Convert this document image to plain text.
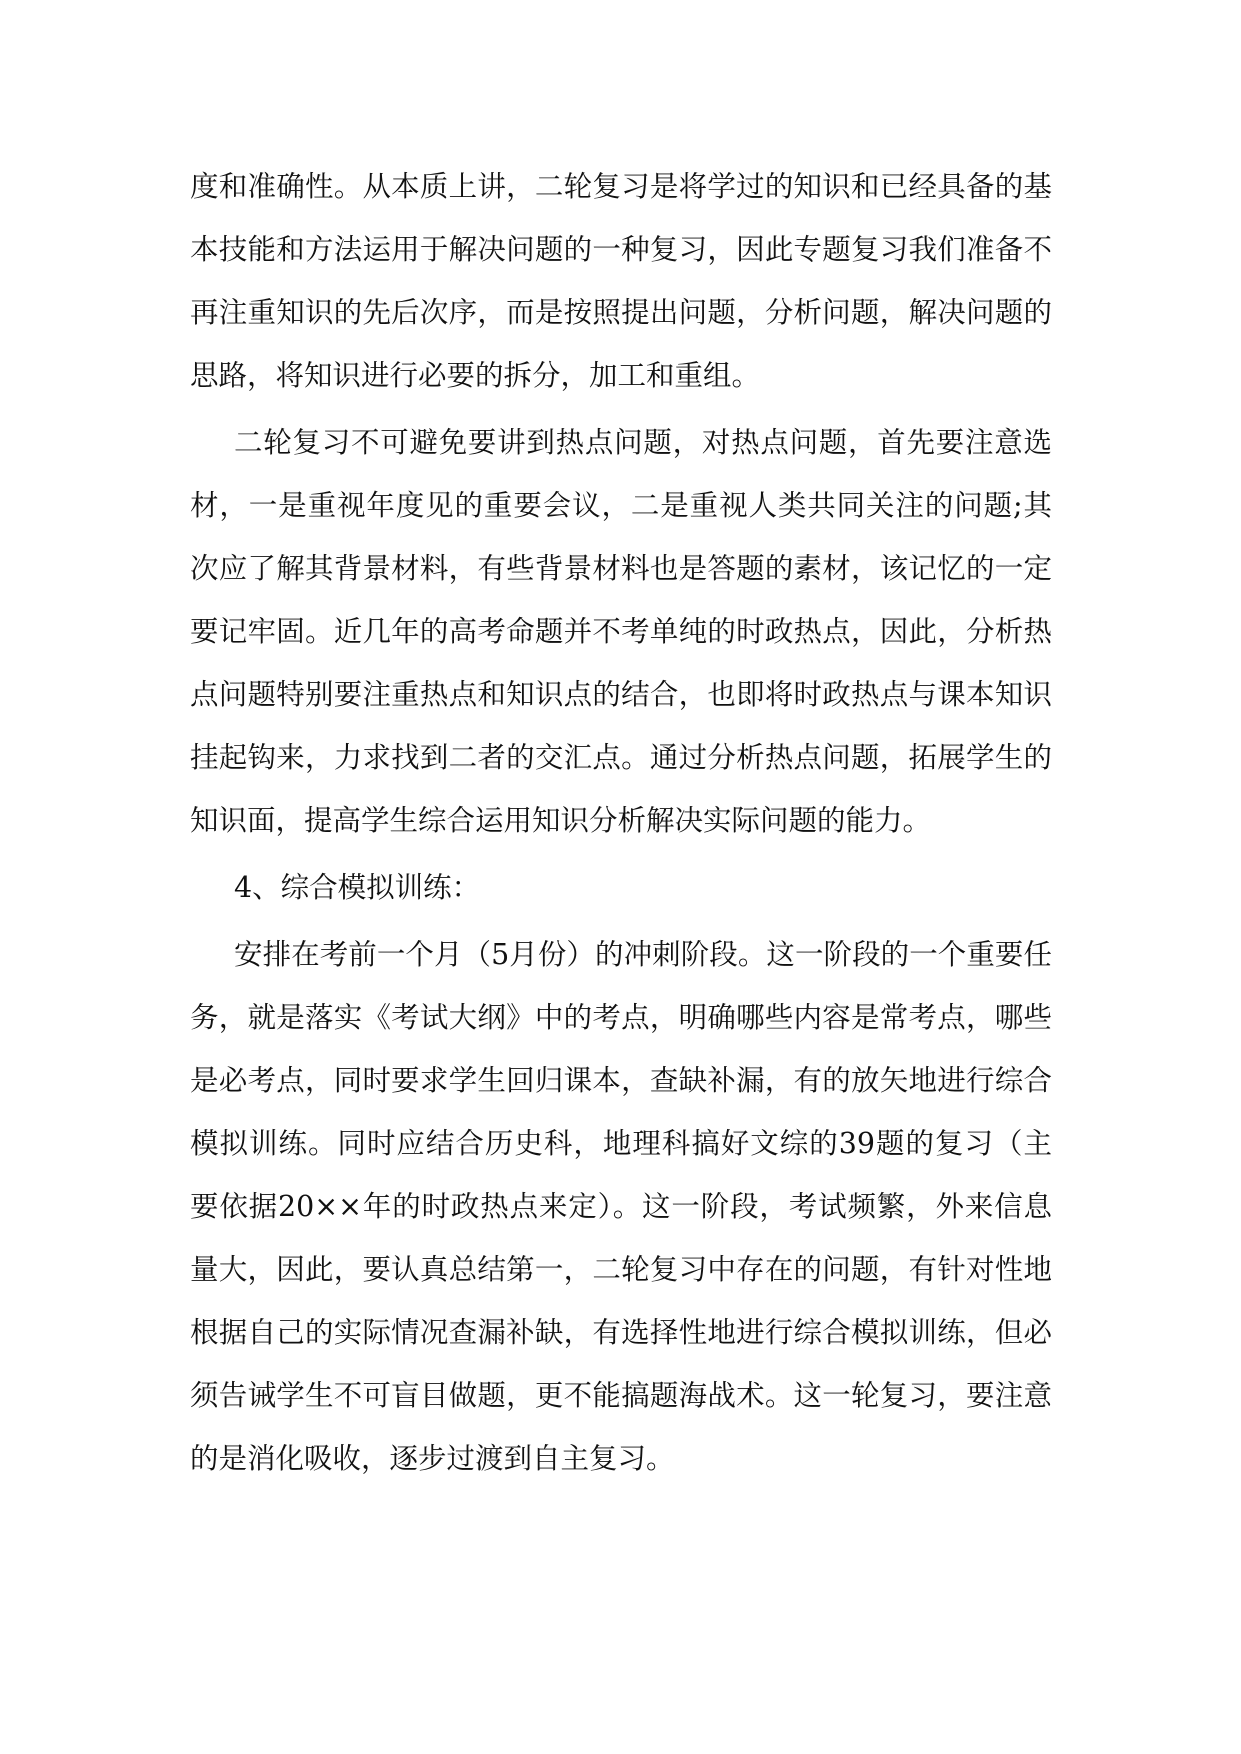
度和准确性。从本质上讲，二轮复习是将学过的知识和已经具备的基本技能和方法运用于解决问题的一种复习，因此专题复习我们准备不再注重知识的先后次序，而是按照提出问题，分析问题，解决问题的思路，将知识进行必要的拆分，加工和重组。

二轮复习不可避免要讲到热点问题，对热点问题，首先要注意选材，一是重视年度见的重要会议，二是重视人类共同关注的问题;其次应了解其背景材料，有些背景材料也是答题的素材，该记忆的一定要记牢固。近几年的高考命题并不考单纯的时政热点，因此，分析热点问题特别要注重热点和知识点的结合，也即将时政热点与课本知识挂起钩来，力求找到二者的交汇点。通过分析热点问题，拓展学生的知识面，提高学生综合运用知识分析解决实际问题的能力。

4、综合模拟训练：

安排在考前一个月（5月份）的冲刺阶段。这一阶段的一个重要任务，就是落实《考试大纲》中的考点，明确哪些内容是常考点，哪些是必考点，同时要求学生回归课本，查缺补漏，有的放矢地进行综合模拟训练。同时应结合历史科，地理科搞好文综的39题的复习（主要依据20××年的时政热点来定）。这一阶段，考试频繁，外来信息量大，因此，要认真总结第一，二轮复习中存在的问题，有针对性地根据自己的实际情况查漏补缺，有选择性地进行综合模拟训练，但必须告诫学生不可盲目做题，更不能搞题海战术。这一轮复习，要注意的是消化吸收，逐步过渡到自主复习。
